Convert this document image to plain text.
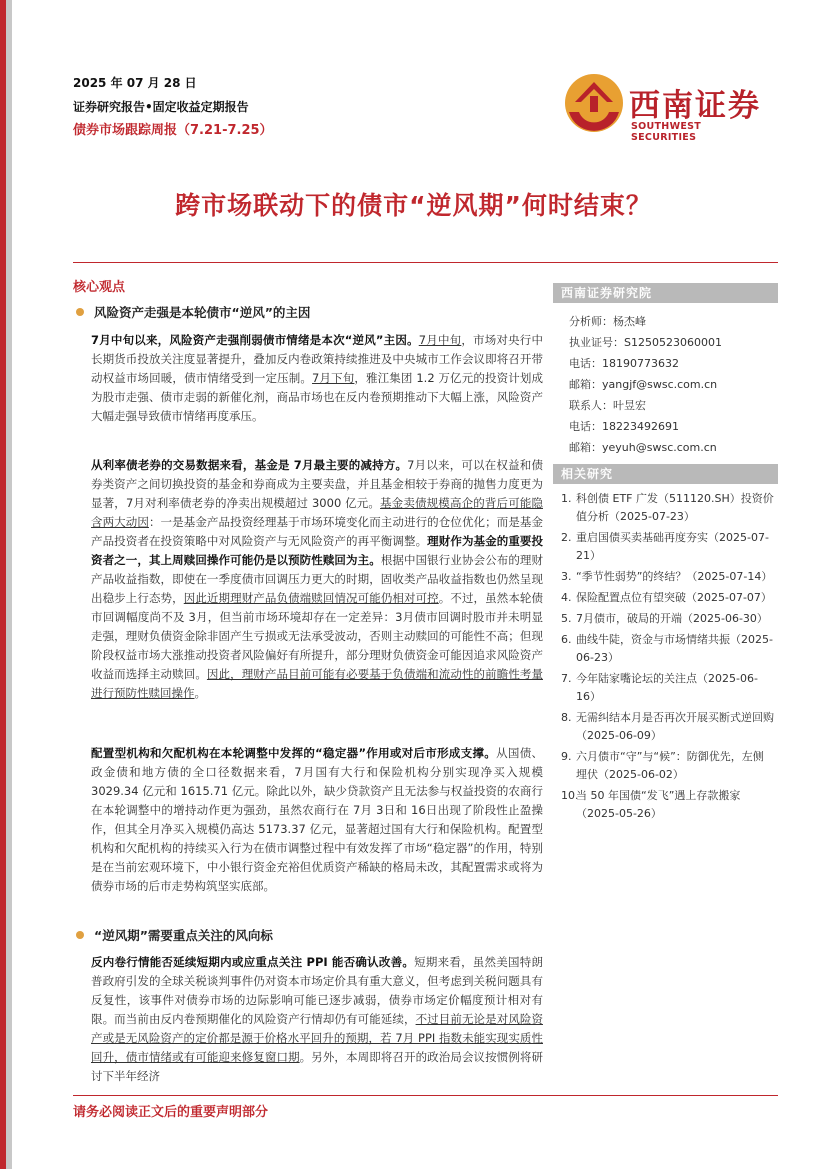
2025 年 07 月 28 日
证券研究报告•固定收益定期报告
债券市场跟踪周报（7.21-7.25）
西南证券
SOUTHWEST SECURITIES
跨市场联动下的债市“逆风期”何时结束？
核心观点
风险资产走强是本轮债市“逆风”的主因

7月中旬以来，风险资产走强削弱债市情绪是本次“逆风”主因。7月中旬，市场对央行中长期货币投放关注度显著提升，叠加反内卷政策持续推进及中央城市工作会议即将召开带动权益市场回暖，债市情绪受到一定压制。7月下旬，雅江集团 1.2 万亿元的投资计划成为股市走强、债市走弱的新催化剂，商品市场也在反内卷预期推动下大幅上涨，风险资产大幅走强导致债市情绪再度承压。

从利率债老券的交易数据来看，基金是 7月最主要的减持方。7月以来，可以在权益和债券类资产之间切换投资的基金和券商成为主要卖盘，并且基金相较于券商的抛售力度更为显著，7月对利率债老券的净卖出规模超过 3000 亿元。基金卖债规模高企的背后可能隐含两大动因：一是基金产品投资经理基于市场环境变化而主动进行的仓位优化；而是基金产品投资者在投资策略中对风险资产与无风险资产的再平衡调整。理财作为基金的重要投资者之一，其上周赎回操作可能仍是以预防性赎回为主。根据中国银行业协会公布的理财产品收益指数，即使在一季度债市回调压力更大的时期，固收类产品收益指数也仍然呈现出稳步上行态势，因此近期理财产品负债端赎回情况可能仍相对可控。不过，虽然本轮债市回调幅度尚不及 3月，但当前市场环境却存在一定差异：3月债市回调时股市并未明显走强，理财负债资金除非固产生亏损或无法承受波动，否则主动赎回的可能性不高；但现阶段权益市场大涨推动投资者风险偏好有所提升，部分理财负债资金可能因追求风险资产收益而选择主动赎回。因此，理财产品目前可能有必要基于负债端和流动性的前瞻性考量进行预防性赎回操作。

配置型机构和欠配机构在本轮调整中发挥的“稳定器”作用或对后市形成支撑。从国债、政金债和地方债的全口径数据来看，7月国有大行和保险机构分别实现净买入规模 3029.34 亿元和 1615.71 亿元。除此以外，缺少贷款资产且无法参与权益投资的农商行在本轮调整中的增持动作更为强劲，虽然农商行在 7月 3日和 16日出现了阶段性止盈操作，但其全月净买入规模仍高达 5173.37 亿元，显著超过国有大行和保险机构。配置型机构和欠配机构的持续买入行为在债市调整过程中有效发挥了市场“稳定器”的作用，特别是在当前宏观环境下，中小银行资金充裕但优质资产稀缺的格局未改，其配置需求或将为债券市场的后市走势构筑坚实底部。

“逆风期”需要重点关注的风向标

反内卷行情能否延续短期内或应重点关注 PPI 能否确认改善。短期来看，虽然美国特朗普政府引发的全球关税谈判事件仍对资本市场定价具有重大意义，但考虑到关税问题具有反复性，该事件对债券市场的边际影响可能已逐步减弱，债券市场定价幅度预计相对有限。而当前由反内卷预期催化的风险资产行情却仍有可能延续，不过目前无论是对风险资产或是无风险资产的定价都是源于价格水平回升的预期，若 7月 PPI 指数未能实现实质性回升，债市情绪或有可能迎来修复窗口期。另外，本周即将召开的政治局会议按惯例将研讨下半年经济

西南证券研究院
分析师：杨杰峰
执业证号：S1250523060001
电话：18190773632
邮箱：yangjf@swsc.com.cn
联系人：叶昱宏
电话：18223492691
邮箱：yeyuh@swsc.com.cn
相关研究
1. 科创债 ETF 广发（511120.SH）投资价值分析（2025-07-23）
2. 重启国债买卖基础再度夯实（2025-07-21）
3. “季节性弱势”的终结？（2025-07-14）
4. 保险配置点位有望突破（2025-07-07）
5. 7月债市，破局的开端（2025-06-30）
6. 曲线牛陡，资金与市场情绪共振（2025-06-23）
7. 今年陆家嘴论坛的关注点（2025-06-16）
8. 无需纠结本月是否再次开展买断式逆回购（2025-06-09）
9. 六月债市“守”与“候”：防御优先，左侧埋伏（2025-06-02）
10.
当 50 年国债“发飞”遇上存款搬家（2025-05-26）
请务必阅读正文后的重要声明部分
